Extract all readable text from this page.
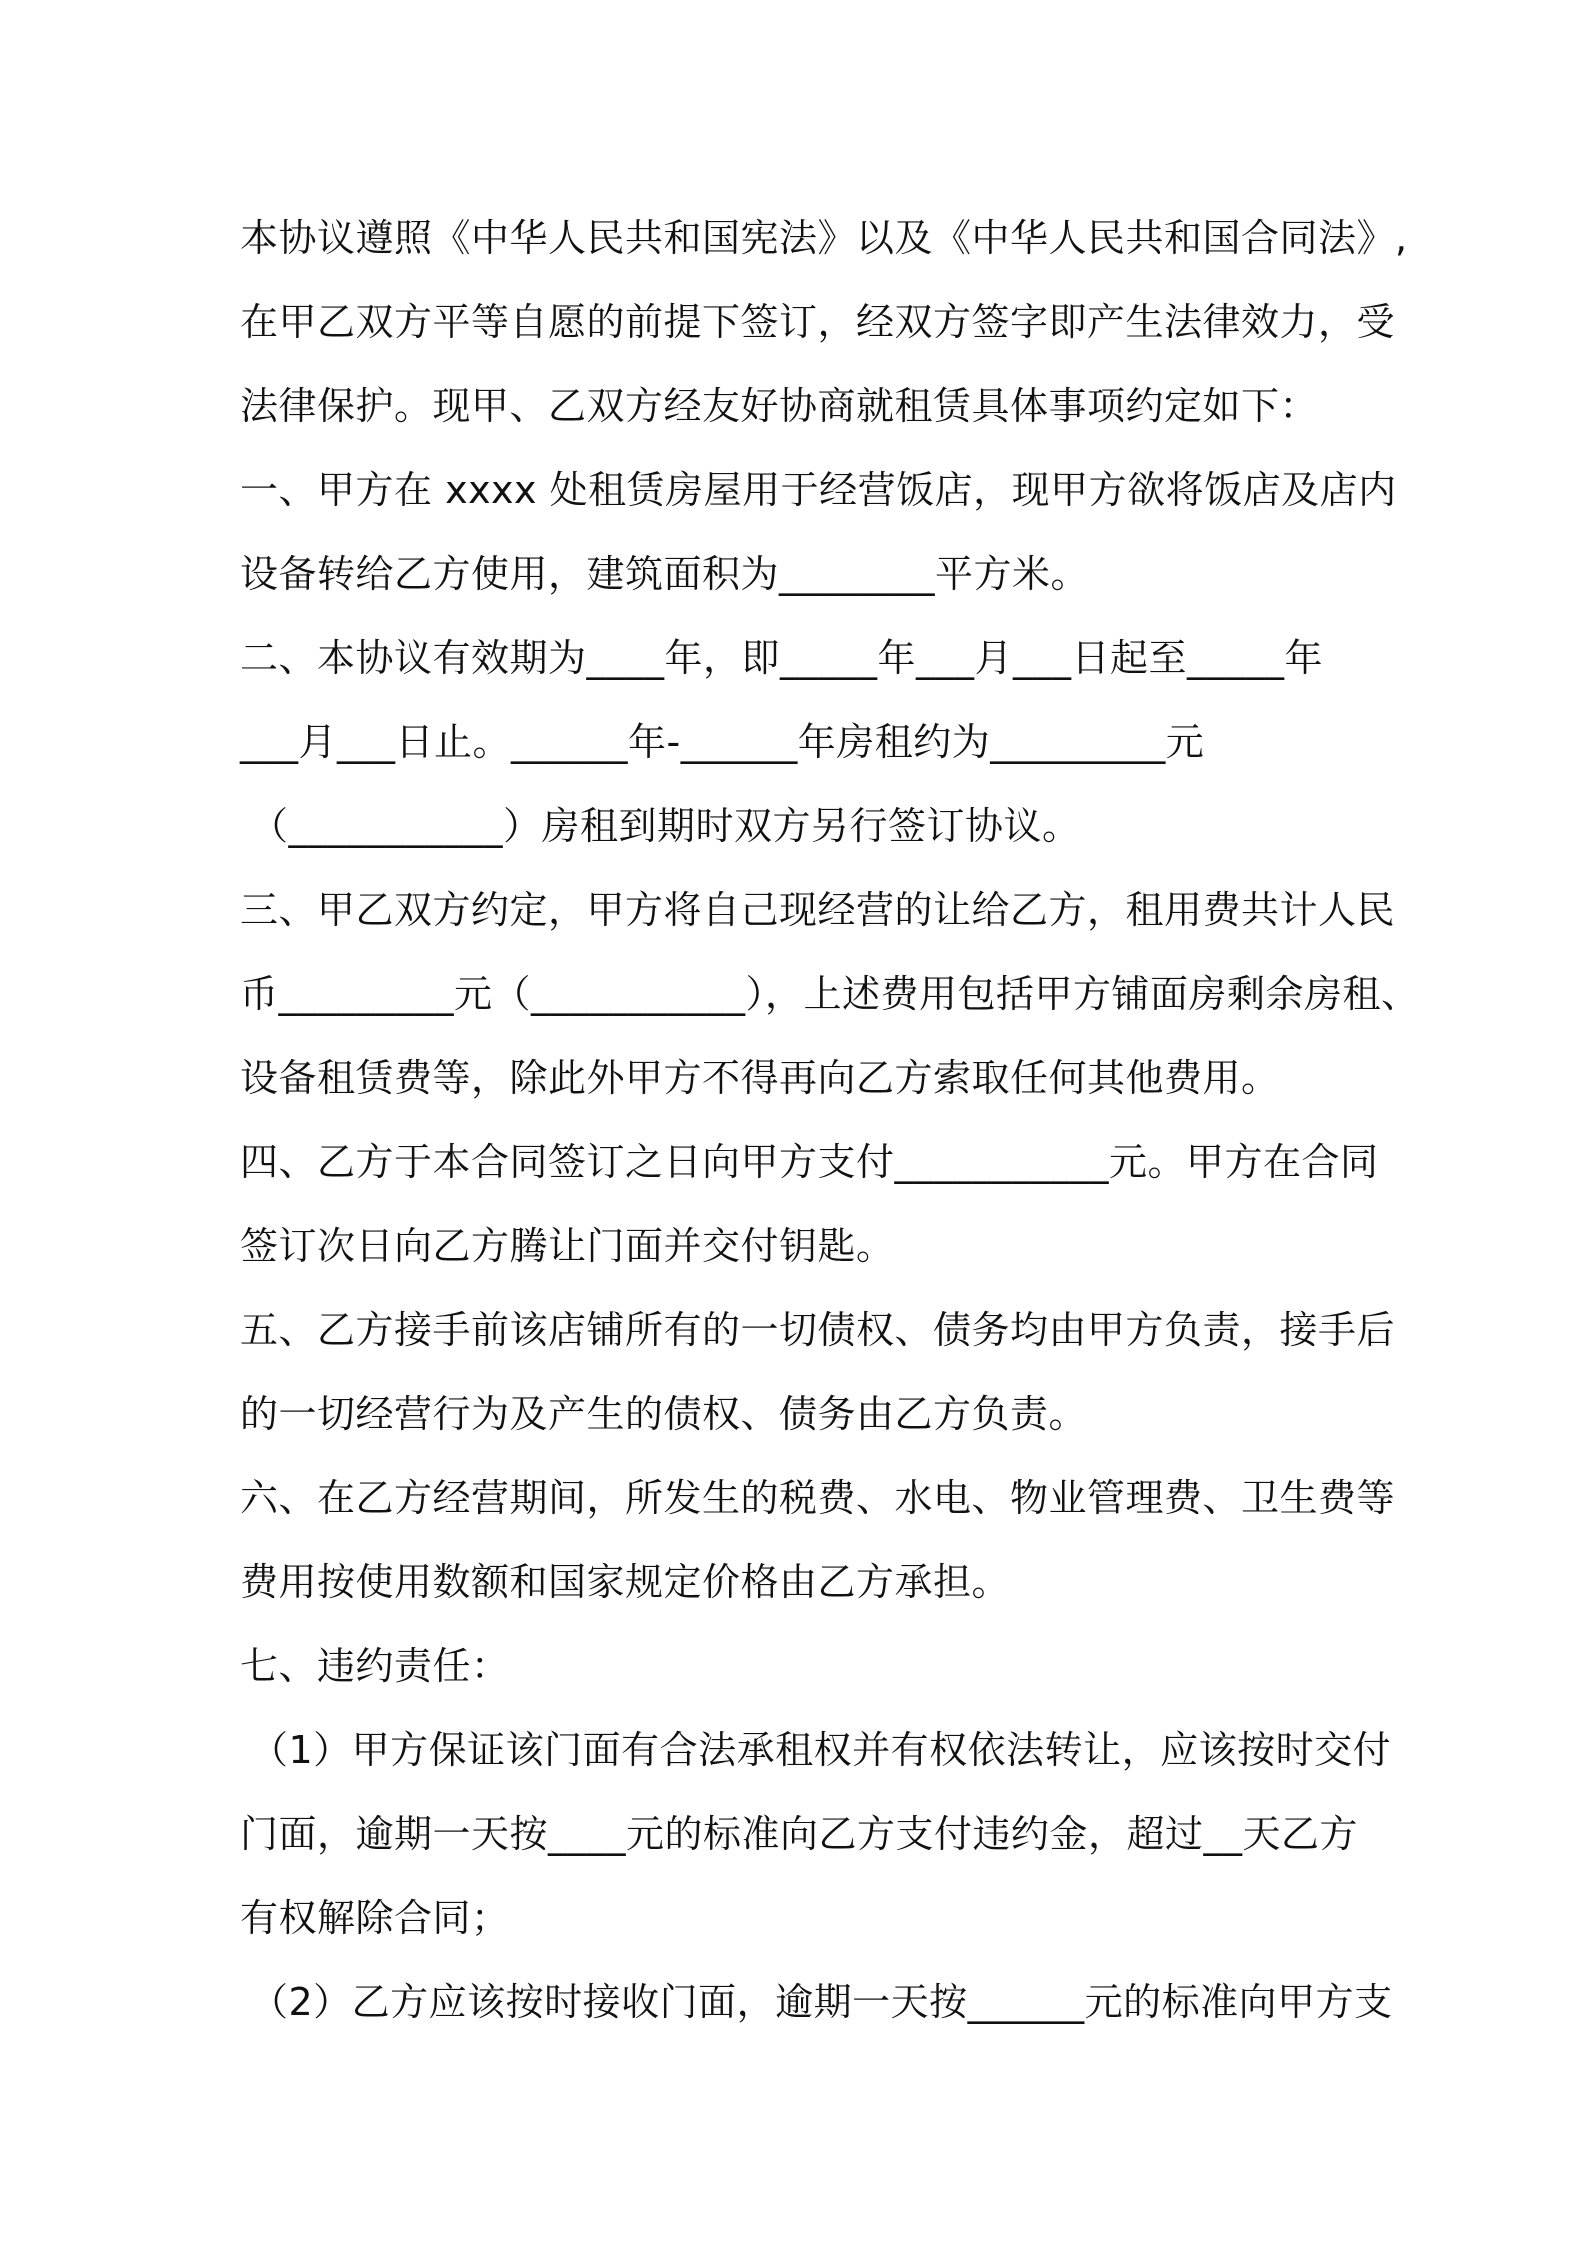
本协议遵照《中华人民共和国宪法》以及《中华人民共和国合同法》,
在甲乙双方平等自愿的前提下签订，经双方签字即产生法律效力，受
法律保护。现甲、乙双方经友好协商就租赁具体事项约定如下：
一、甲方在 xxxx 处租赁房屋用于经营饭店，现甲方欲将饭店及店内
设备转给乙方使用，建筑面积为________平方米。
二、本协议有效期为____年，即_____年___月___日起至_____年
___月___日止。______年-______年房租约为_________元
（___________）房租到期时双方另行签订协议。
三、甲乙双方约定，甲方将自己现经营的让给乙方，租用费共计人民
币_________元（___________），上述费用包括甲方铺面房剩余房租、
设备租赁费等，除此外甲方不得再向乙方索取任何其他费用。
四、乙方于本合同签订之日向甲方支付___________元。甲方在合同
签订次日向乙方腾让门面并交付钥匙。
五、乙方接手前该店铺所有的一切债权、债务均由甲方负责，接手后
的一切经营行为及产生的债权、债务由乙方负责。
六、在乙方经营期间，所发生的税费、水电、物业管理费、卫生费等
费用按使用数额和国家规定价格由乙方承担。
七、违约责任：
（1）甲方保证该门面有合法承租权并有权依法转让，应该按时交付
门面，逾期一天按____元的标准向乙方支付违约金，超过__天乙方
有权解除合同；
（2）乙方应该按时接收门面，逾期一天按______元的标准向甲方支
